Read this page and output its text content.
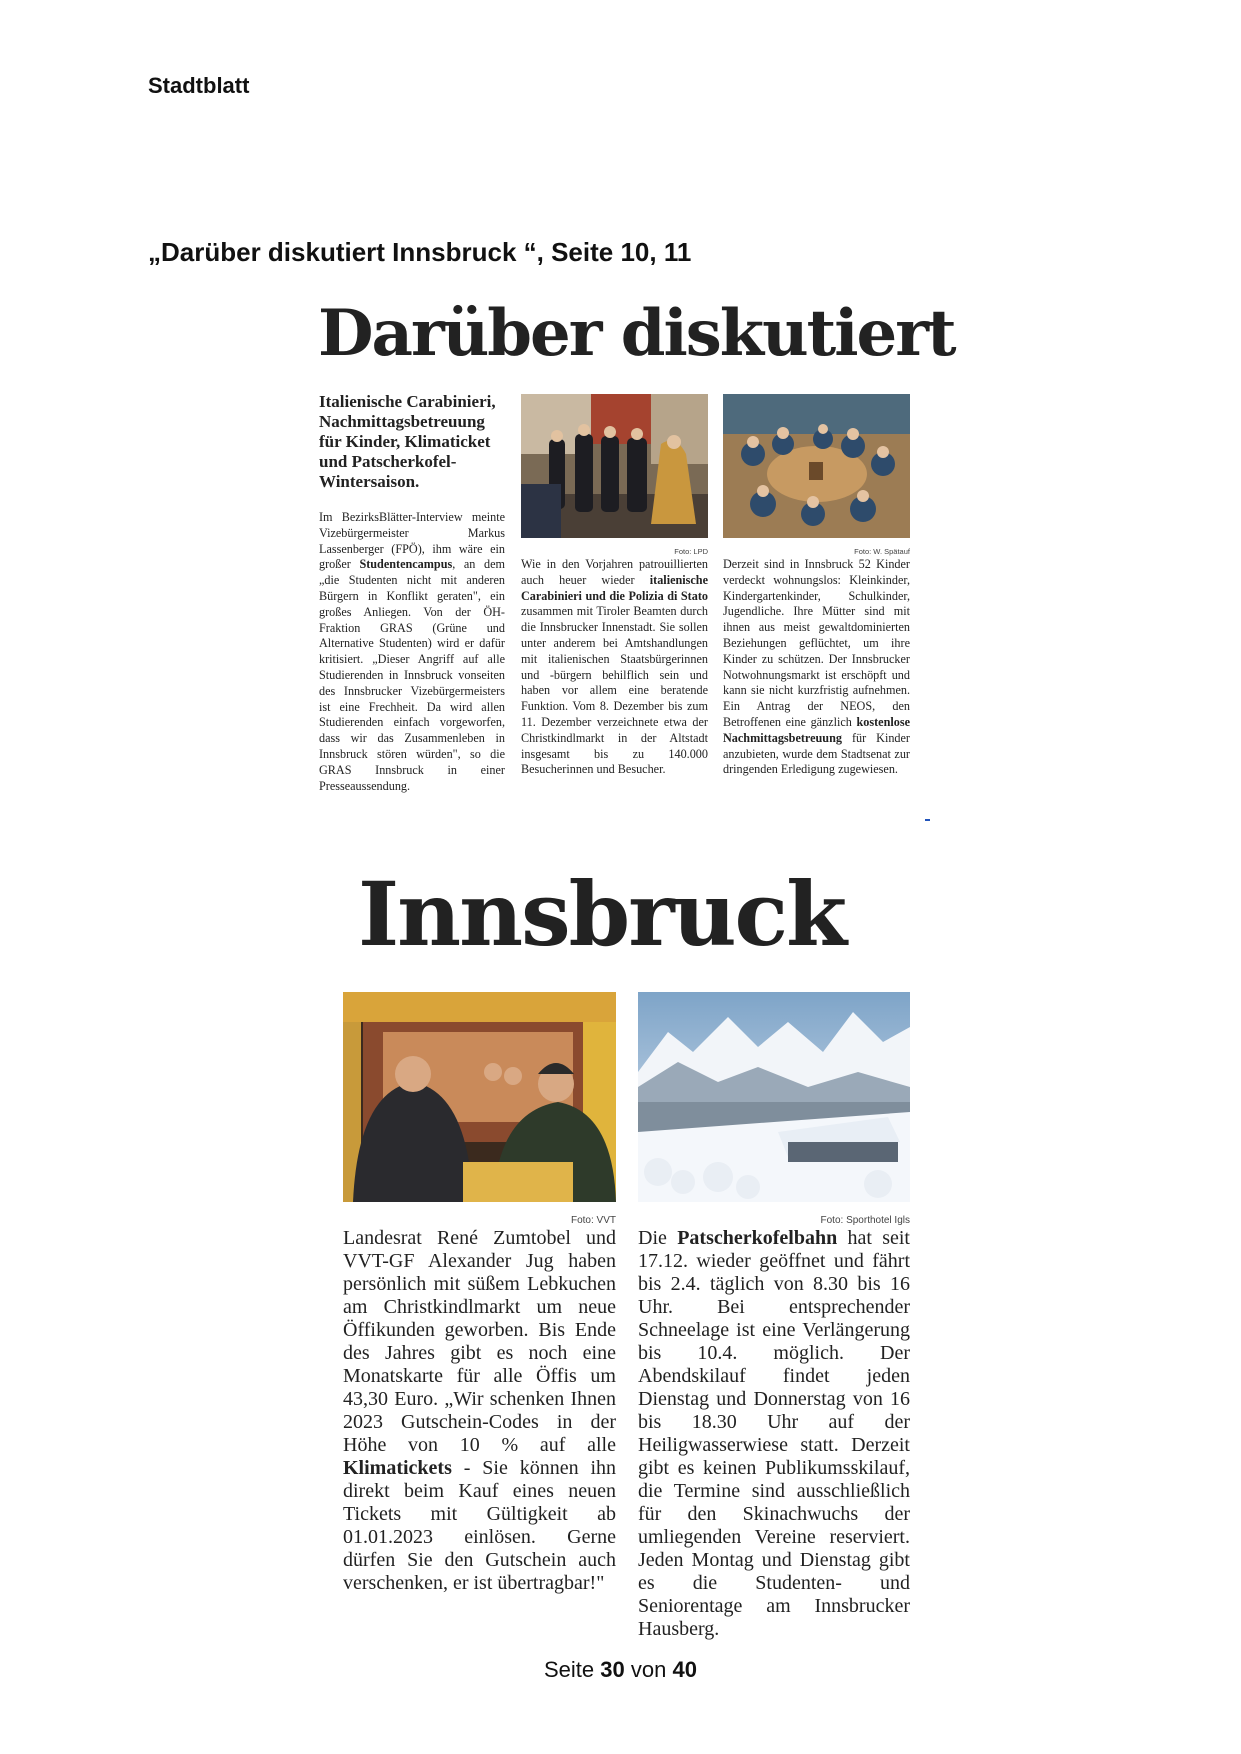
Stadtblatt
„Darüber diskutiert Innsbruck “, Seite 10, 11
Darüber diskutiert
Italienische Carabinieri, Nachmittagsbetreuung für Kinder, Klimaticket und Patscherkofel-Wintersaison.
Im BezirksBlätter-Interview meinte Vizebürgermeister Markus Lassenberger (FPÖ), ihm wäre ein großer Studentencampus, an dem „die Studenten nicht mit anderen Bürgern in Konflikt geraten", ein großes Anliegen. Von der ÖH-Fraktion GRAS (Grüne und Alternative Studenten) wird er dafür kritisiert. „Dieser Angriff auf alle Studierenden in Innsbruck vonseiten des Innsbrucker Vizebürgermeisters ist eine Frechheit. Da wird allen Studierenden einfach vorgeworfen, dass wir das Zusammenleben in Innsbruck stören würden", so die GRAS Innsbruck in einer Presseaussendung.
Foto: LPD	Foto: W. Spätauf
Wie in den Vorjahren patrouillierten auch heuer wieder italienische Carabinieri und die Polizia di Stato zusammen mit Tiroler Beamten durch die Innsbrucker Innenstadt. Sie sollen unter anderem bei Amtshandlungen mit italienischen Staatsbürgerinnen und -bürgern behilflich sein und haben vor allem eine beratende Funktion. Vom 8. Dezember bis zum 11. Dezember verzeichnete etwa der Christkindlmarkt in der Altstadt insgesamt bis zu 140.000 Besucherinnen und Besucher.
Derzeit sind in Innsbruck 52 Kinder verdeckt wohnungslos: Kleinkinder, Kindergartenkinder, Schulkinder, Jugendliche. Ihre Mütter sind mit ihnen aus meist gewaltdominierten Beziehungen geflüchtet, um ihre Kinder zu schützen. Der Innsbrucker Notwohnungsmarkt ist erschöpft und kann sie nicht kurzfristig aufnehmen. Ein Antrag der NEOS, den Betroffenen eine gänzlich kostenlose Nachmittagsbetreuung für Kinder anzubieten, wurde dem Stadtsenat zur dringenden Erledigung zugewiesen.
Innsbruck
Foto: VVT	Foto: Sporthotel Igls
Landesrat René Zumtobel und VVT-GF Alexander Jug haben persönlich mit süßem Lebkuchen am Christkindlmarkt um neue Öffikunden geworben. Bis Ende des Jahres gibt es noch eine Monatskarte für alle Öffis um 43,30 Euro. „Wir schenken Ihnen 2023 Gutschein-Codes in der Höhe von 10 % auf alle Klimatickets - Sie können ihn direkt beim Kauf eines neuen Tickets mit Gültigkeit ab 01.01.2023 einlösen. Gerne dürfen Sie den Gutschein auch verschenken, er ist übertragbar!"
Die Patscherkofelbahn hat seit 17.12. wieder geöffnet und fährt bis 2.4. täglich von 8.30 bis 16 Uhr. Bei entsprechender Schneelage ist eine Verlängerung bis 10.4. möglich. Der Abendskilauf findet jeden Dienstag und Donnerstag von 16 bis 18.30 Uhr auf der Heiligwasserwiese statt. Derzeit gibt es keinen Publikumsskilauf, die Termine sind ausschließlich für den Skinachwuchs der umliegenden Vereine reserviert. Jeden Montag und Dienstag gibt es die Studenten- und Seniorentage am Innsbrucker Hausberg.
Seite 30 von 40
